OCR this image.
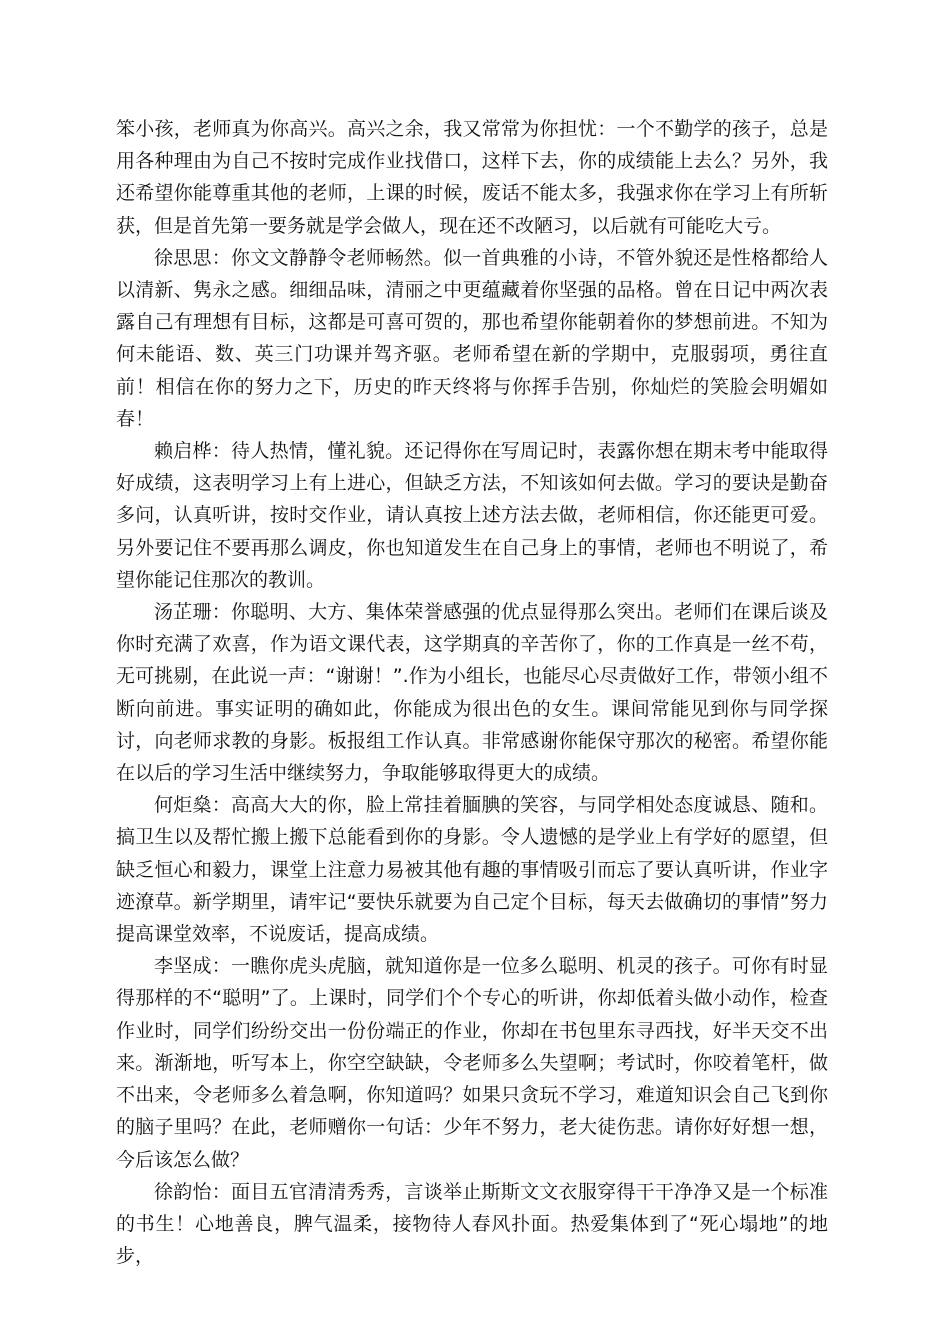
笨小孩，老师真为你高兴。高兴之余，我又常常为你担忧：一个不勤学的孩子，总是用各种理由为自己不按时完成作业找借口，这样下去，你的成绩能上去么？另外，我还希望你能尊重其他的老师，上课的时候，废话不能太多，我强求你在学习上有所斩获，但是首先第一要务就是学会做人，现在还不改陋习，以后就有可能吃大亏。

徐思思：你文文静静令老师畅然。似一首典雅的小诗，不管外貌还是性格都给人以清新、隽永之感。细细品味，清丽之中更蕴藏着你坚强的品格。曾在日记中两次表露自己有理想有目标，这都是可喜可贺的，那也希望你能朝着你的梦想前进。不知为何未能语、数、英三门功课并驾齐驱。老师希望在新的学期中，克服弱项，勇往直前！相信在你的努力之下，历史的昨天终将与你挥手告别，你灿烂的笑脸会明媚如春！

赖启桦：待人热情，懂礼貌。还记得你在写周记时，表露你想在期末考中能取得好成绩，这表明学习上有上进心，但缺乏方法，不知该如何去做。学习的要诀是勤奋多问，认真听讲，按时交作业，请认真按上述方法去做，老师相信，你还能更可爱。另外要记住不要再那么调皮，你也知道发生在自己身上的事情，老师也不明说了，希望你能记住那次的教训。

汤芷珊：你聪明、大方、集体荣誉感强的优点显得那么突出。老师们在课后谈及你时充满了欢喜，作为语文课代表，这学期真的辛苦你了，你的工作真是一丝不苟，无可挑剔，在此说一声：“谢谢！”.作为小组长，也能尽心尽责做好工作，带领小组不断向前进。事实证明的确如此，你能成为很出色的女生。课间常能见到你与同学探讨，向老师求教的身影。板报组工作认真。非常感谢你能保守那次的秘密。希望你能在以后的学习生活中继续努力，争取能够取得更大的成绩。

何炬燊：高高大大的你，脸上常挂着腼腆的笑容，与同学相处态度诚恳、随和。搞卫生以及帮忙搬上搬下总能看到你的身影。令人遗憾的是学业上有学好的愿望，但缺乏恒心和毅力，课堂上注意力易被其他有趣的事情吸引而忘了要认真听讲，作业字迹潦草。新学期里，请牢记“要快乐就要为自己定个目标，每天去做确切的事情”努力提高课堂效率，不说废话，提高成绩。

李坚成：一瞧你虎头虎脑，就知道你是一位多么聪明、机灵的孩子。可你有时显得那样的不“聪明”了。上课时，同学们个个专心的听讲，你却低着头做小动作，检查作业时，同学们纷纷交出一份份端正的作业，你却在书包里东寻西找，好半天交不出来。渐渐地，听写本上，你空空缺缺，令老师多么失望啊；考试时，你咬着笔杆，做不出来，令老师多么着急啊，你知道吗？如果只贪玩不学习，难道知识会自己飞到你的脑子里吗？在此，老师赠你一句话：少年不努力，老大徒伤悲。请你好好想一想，今后该怎么做？

徐韵怡：面目五官清清秀秀，言谈举止斯斯文文衣服穿得干干净净又是一个标准的书生！心地善良，脾气温柔，接物待人春风扑面。热爱集体到了“死心塌地”的地步，
